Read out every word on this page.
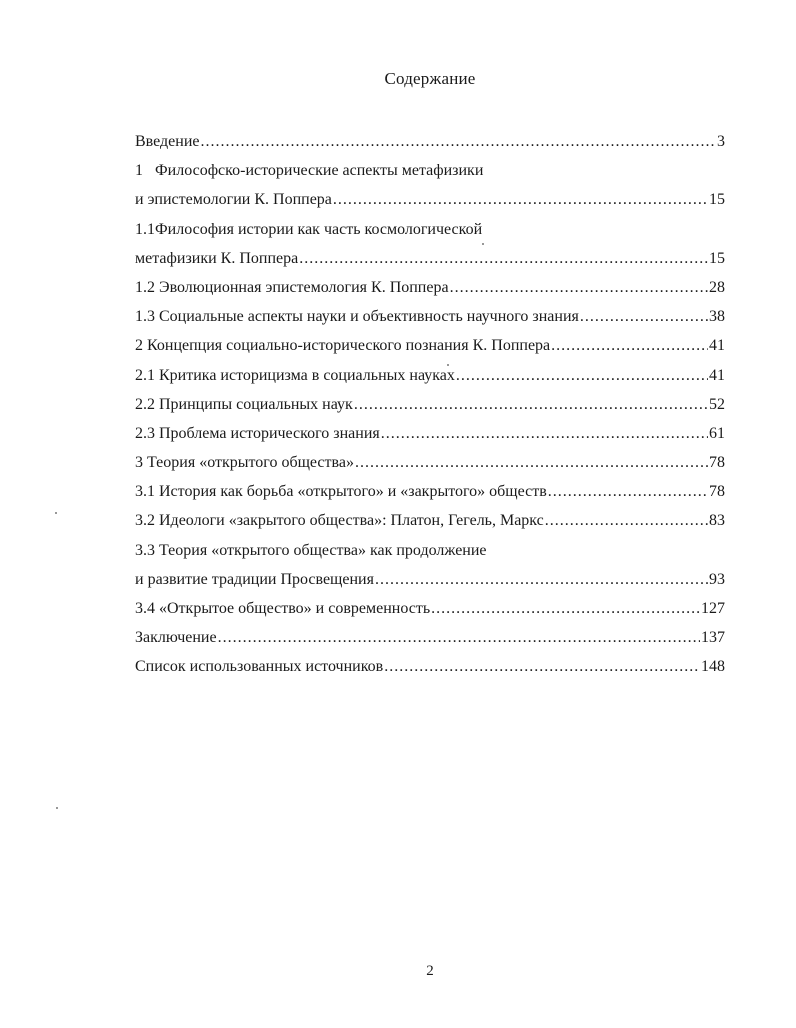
Содержание
Введение .....	3
1   Философско-исторические аспекты метафизики
и эпистемологии К. Поппера .....	15
1.1Философия истории как часть космологической
метафизики К. Поппера .....	15
1.2 Эволюционная эпистемология К. Поппера .....	28
1.3 Социальные аспекты науки и объективность научного знания .....	38
2 Концепция социально-исторического познания К. Поппера .....	41
2.1 Критика историцизма в социальных науках .....	41
2.2 Принципы социальных наук .....	52
2.3 Проблема исторического знания .....	61
3 Теория «открытого общества» .....	78
3.1 История как борьба «открытого» и «закрытого» обществ .....	78
3.2 Идеологи «закрытого общества»: Платон, Гегель, Маркс .....	83
3.3 Теория «открытого общества» как продолжение
и развитие традиции Просвещения .....	93
3.4 «Открытое общество» и современность .....	127
Заключение .....	137
Список использованных источников .....	148
2
